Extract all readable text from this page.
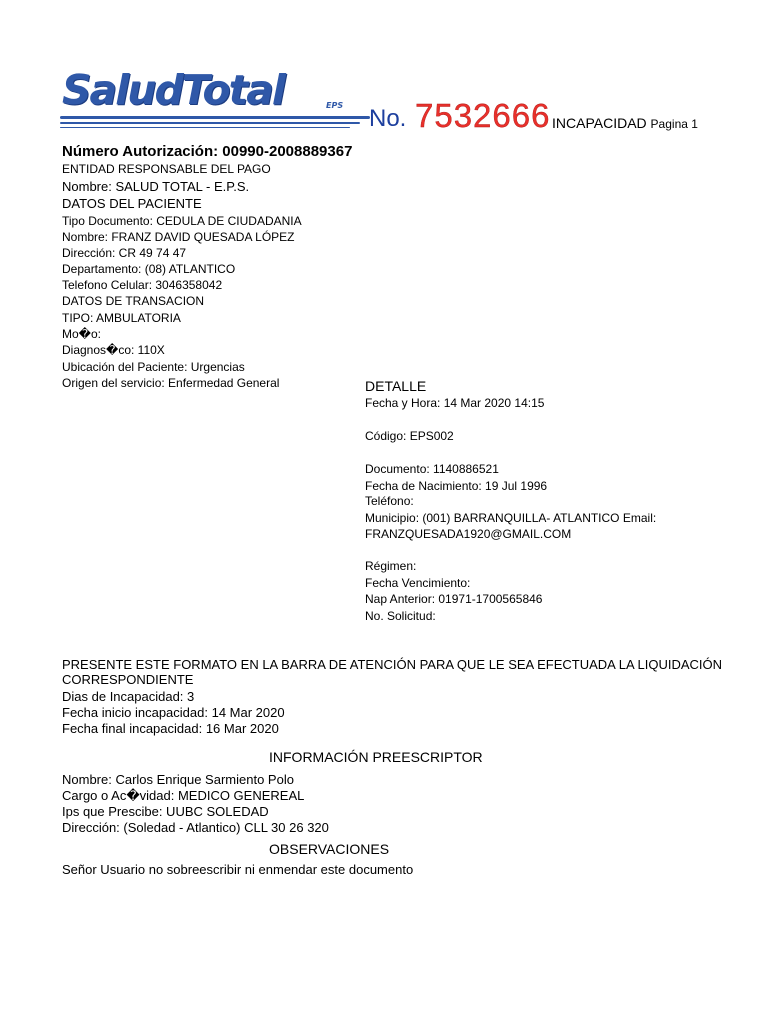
SaludTotal	EPS No. 7532666 INCAPACIDAD Pagina 1
Número Autorización: 00990-2008889367
ENTIDAD RESPONSABLE DEL PAGO
Nombre: SALUD TOTAL - E.P.S.
DATOS DEL PACIENTE
Tipo Documento: CEDULA DE CIUDADANIA
Nombre: FRANZ DAVID QUESADA LÓPEZ
Dirección: CR 49 74 47
Departamento: (08) ATLANTICO
Telefono Celular: 3046358042
DATOS DE TRANSACION
TIPO: AMBULATORIA
Mo�o:
Diagnos�co: 110X
Ubicación del Paciente: Urgencias
Origen del servicio: Enfermedad General	DETALLE
Fecha y Hora: 14 Mar 2020 14:15
Código: EPS002
Documento: 1140886521
Fecha de Nacimiento: 19 Jul 1996
Teléfono:
Municipio: (001) BARRANQUILLA- ATLANTICO Email:
FRANZQUESADA1920@GMAIL.COM
Régimen:
Fecha Vencimiento:
Nap Anterior: 01971-1700565846
No. Solicitud:
PRESENTE ESTE FORMATO EN LA BARRA DE ATENCIÓN PARA QUE LE SEA EFECTUADA LA LIQUIDACIÓN
CORRESPONDIENTE
Dias de Incapacidad: 3
Fecha inicio incapacidad: 14 Mar 2020
Fecha final incapacidad: 16 Mar 2020
INFORMACIÓN PREESCRIPTOR
Nombre: Carlos Enrique Sarmiento Polo
Cargo o Ac�vidad: MEDICO GENEREAL
Ips que Prescibe: UUBC SOLEDAD
Dirección: (Soledad - Atlantico) CLL 30 26 320
OBSERVACIONES
Señor Usuario no sobreescribir ni enmendar este documento
